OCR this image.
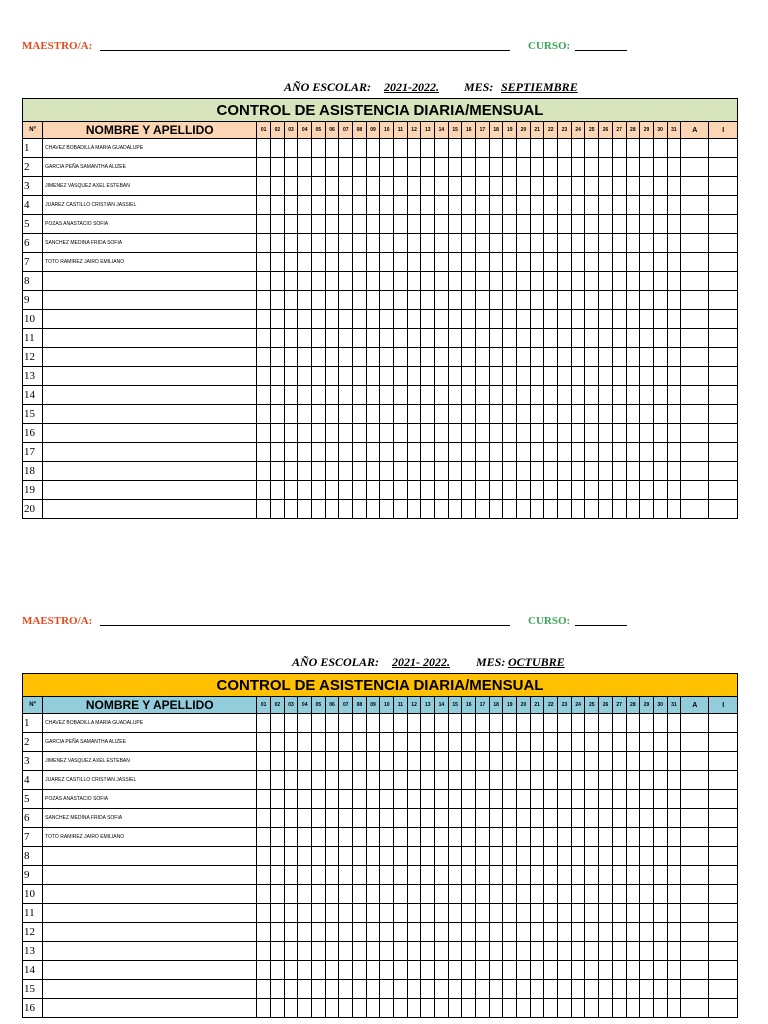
MAESTRO/A:	CURSO:
AÑO ESCOLAR: 2021-2022. MES: SEPTIEMBRE
CONTROL DE ASISTENCIA DIARIA/MENSUAL																																		
Nº	NOMBRE Y APELLIDO	01	02	03	04	05	06	07	08	09	10	11	12	13	14	15	16	17	18	19	20	21	22	23	24	25	26	27	28	29	30	31	A	I
1	CHAVEZ BOBADILLA MARIA GUADALUPE																																	
2	GARCIA PEÑA SAMANTHA ALIZEE																																	
3	JIMENEZ VASQUEZ AXEL ESTEBAN																																	
4	JUAREZ CASTILLO CRISTIAN JASSIEL																																	
5	POZAS ANASTACIO SOFIA																																	
6	SANCHEZ MEDINA FRIDA SOFIA																																	
7	TOTO RAMIREZ JAIRO EMILIANO																																	
8																																		
9																																		
10																																		
11																																		
12																																		
13																																		
14																																		
15																																		
16																																		
17																																		
18																																		
19																																		
20																																		
MAESTRO/A:	CURSO:
AÑO ESCOLAR: 2021- 2022. MES: OCTUBRE
CONTROL DE ASISTENCIA DIARIA/MENSUAL																																		
Nº	NOMBRE Y APELLIDO	01	02	03	04	05	06	07	08	09	10	11	12	13	14	15	16	17	18	19	20	21	22	23	24	25	26	27	28	29	30	31	A	I
1	CHAVEZ BOBADILLA MARIA GUADALUPE																																	
2	GARCIA PEÑA SAMANTHA ALIZEE																																	
3	JIMENEZ VASQUEZ AXEL ESTEBAN																																	
4	JUAREZ CASTILLO CRISTIAN JASSIEL																																	
5	POZAS ANASTACIO SOFIA																																	
6	SANCHEZ MEDINA FRIDA SOFIA																																	
7	TOTO RAMIREZ JAIRO EMILIANO																																	
8																																		
9																																		
10																																		
11																																		
12																																		
13																																		
14																																		
15																																		
16																																		
